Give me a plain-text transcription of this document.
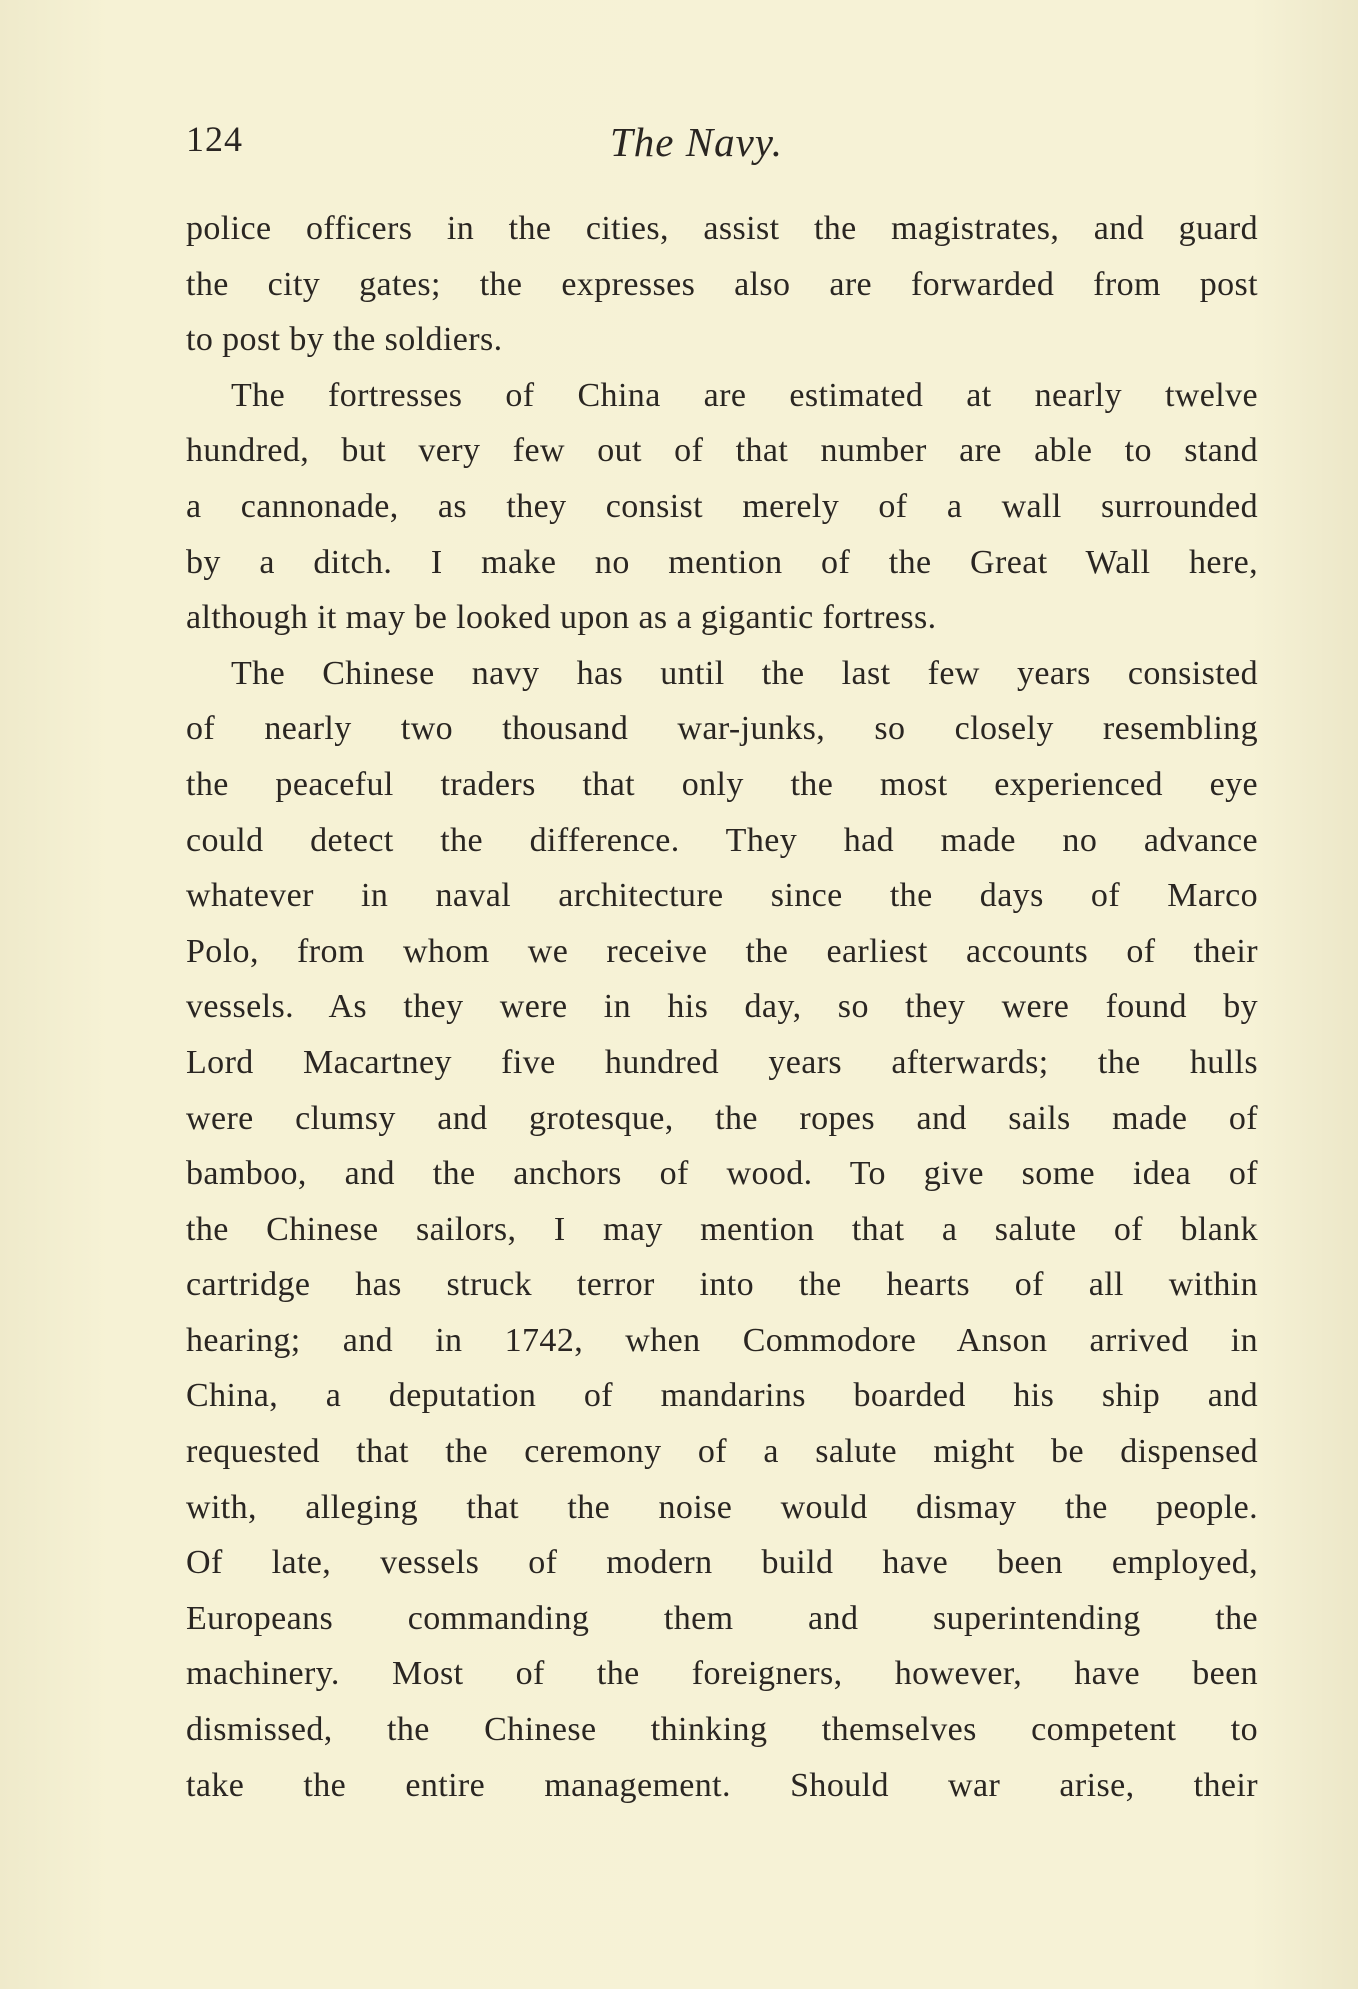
124	The Navy.
police officers in the cities, assist the magistrates, and guard
the city gates; the expresses also are forwarded from post
to post by the soldiers.
The fortresses of China are estimated at nearly twelve
hundred, but very few out of that number are able to stand
a cannonade, as they consist merely of a wall surrounded
by a ditch. I make no mention of the Great Wall here,
although it may be looked upon as a gigantic fortress.
The Chinese navy has until the last few years consisted
of nearly two thousand war-junks, so closely resembling
the peaceful traders that only the most experienced eye
could detect the difference. They had made no advance
whatever in naval architecture since the days of Marco
Polo, from whom we receive the earliest accounts of their
vessels. As they were in his day, so they were found by
Lord Macartney five hundred years afterwards; the hulls
were clumsy and grotesque, the ropes and sails made of
bamboo, and the anchors of wood. To give some idea of
the Chinese sailors, I may mention that a salute of blank
cartridge has struck terror into the hearts of all within
hearing; and in 1742, when Commodore Anson arrived in
China, a deputation of mandarins boarded his ship and
requested that the ceremony of a salute might be dispensed
with, alleging that the noise would dismay the people.
Of late, vessels of modern build have been employed,
Europeans commanding them and superintending the
machinery. Most of the foreigners, however, have been
dismissed, the Chinese thinking themselves competent to
take the entire management. Should war arise, their
